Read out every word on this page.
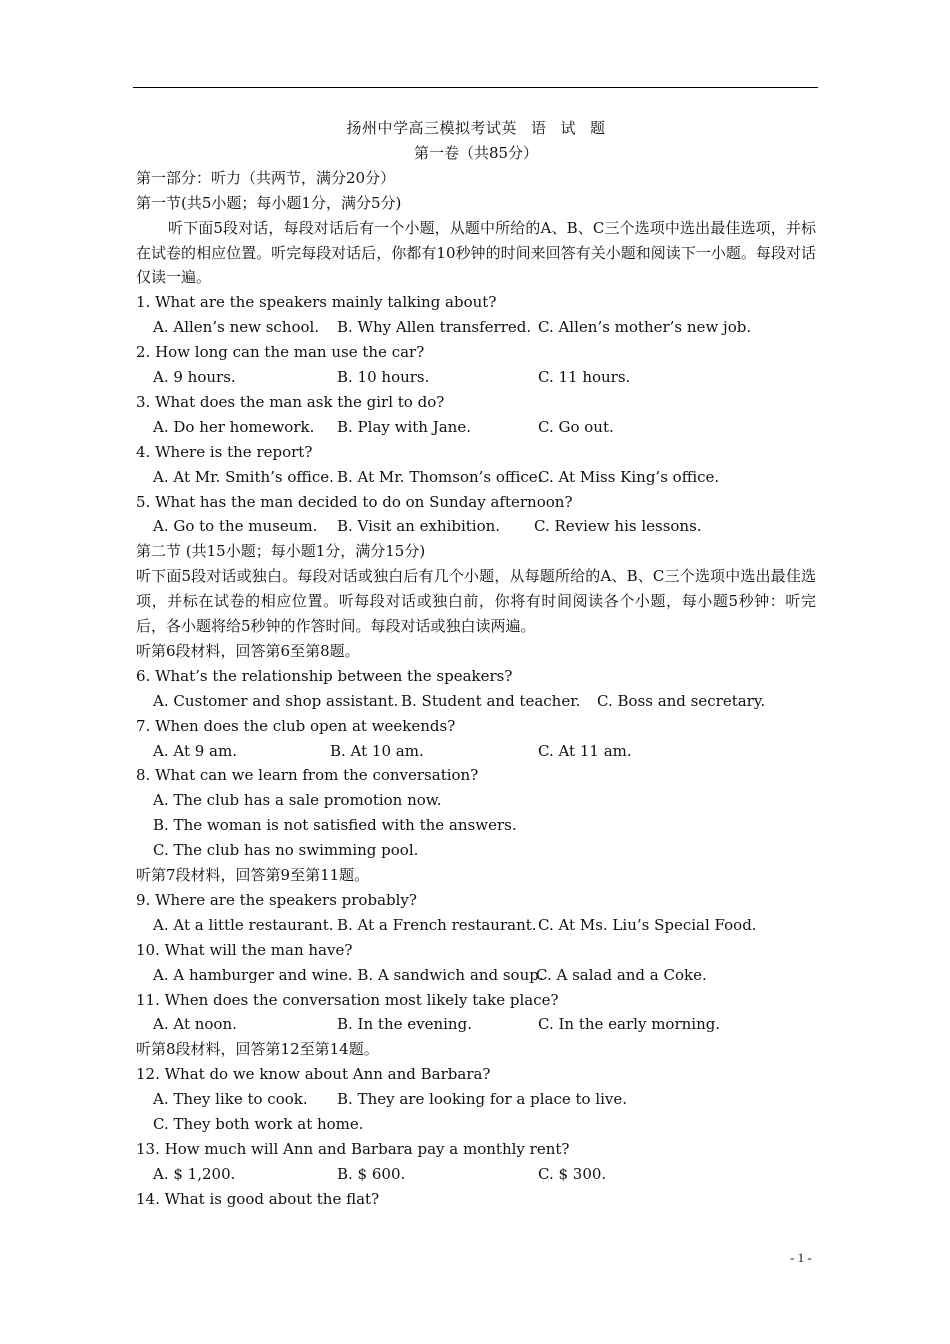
扬州中学高三模拟考试英 语 试 题
第一卷（共85分）
第一部分：听力（共两节，满分20分）
第一节(共5小题；每小题1分，满分5分)
听下面5段对话，每段对话后有一个小题，从题中所给的A、B、C三个选项中选出最佳选项，并标在试卷的相应位置。听完每段对话后，你都有10秒钟的时间来回答有关小题和阅读下一小题。每段对话仅读一遍。
1. What are the speakers mainly talking about?
A. Allen’s new school. B. Why Allen transferred. C. Allen’s mother’s new job.
2. How long can the man use the car?
A. 9 hours.	B. 10 hours.	C. 11 hours.
3. What does the man ask the girl to do?
A. Do her homework. B. Play with Jane.	C. Go out.
4. Where is the report?
A. At Mr. Smith’s office. B. At Mr. Thomson’s office.
C. At Miss King’s office.
5. What has the man decided to do on Sunday afternoon?
A. Go to the museum. B. Visit an exhibition. C. Review his lessons.
第二节 (共15小题；每小题1分，满分15分)
听下面5段对话或独白。每段对话或独白后有几个小题，从每题所给的A、B、C三个选项中选出最佳选项，并标在试卷的相应位置。听每段对话或独白前，你将有时间阅读各个小题，每小题5秒钟：听完后，各小题将给5秒钟的作答时间。每段对话或独白读两遍。
听第6段材料，回答第6至第8题。
6. What’s the relationship between the speakers?
A. Customer and shop assistant. B. Student and teacher. C. Boss and secretary.
7. When does the club open at weekends?
A. At 9 am.	B. At 10 am.	C. At 11 am.
8. What can we learn from the conversation?
A. The club has a sale promotion now.
B. The woman is not satisfied with the answers.
C. The club has no swimming pool.
听第7段材料，回答第9至第11题。
9. Where are the speakers probably?
A. At a little restaurant. B. At a French restaurant. C. At Ms. Liu’s Special Food.
10. What will the man have?
A. A hamburger and wine. B. A sandwich and soup.
C. A salad and a Coke.
11. When does the conversation most likely take place?
A. At noon.	B. In the evening.	C. In the early morning.
听第8段材料，回答第12至第14题。
12. What do we know about Ann and Barbara?
A. They like to cook. B. They are looking for a place to live.
C. They both work at home.
13. How much will Ann and Barbara pay a monthly rent?
A. $ 1,200.	B. $ 600.	C. $ 300.
14. What is good about the flat?
- 1 -
